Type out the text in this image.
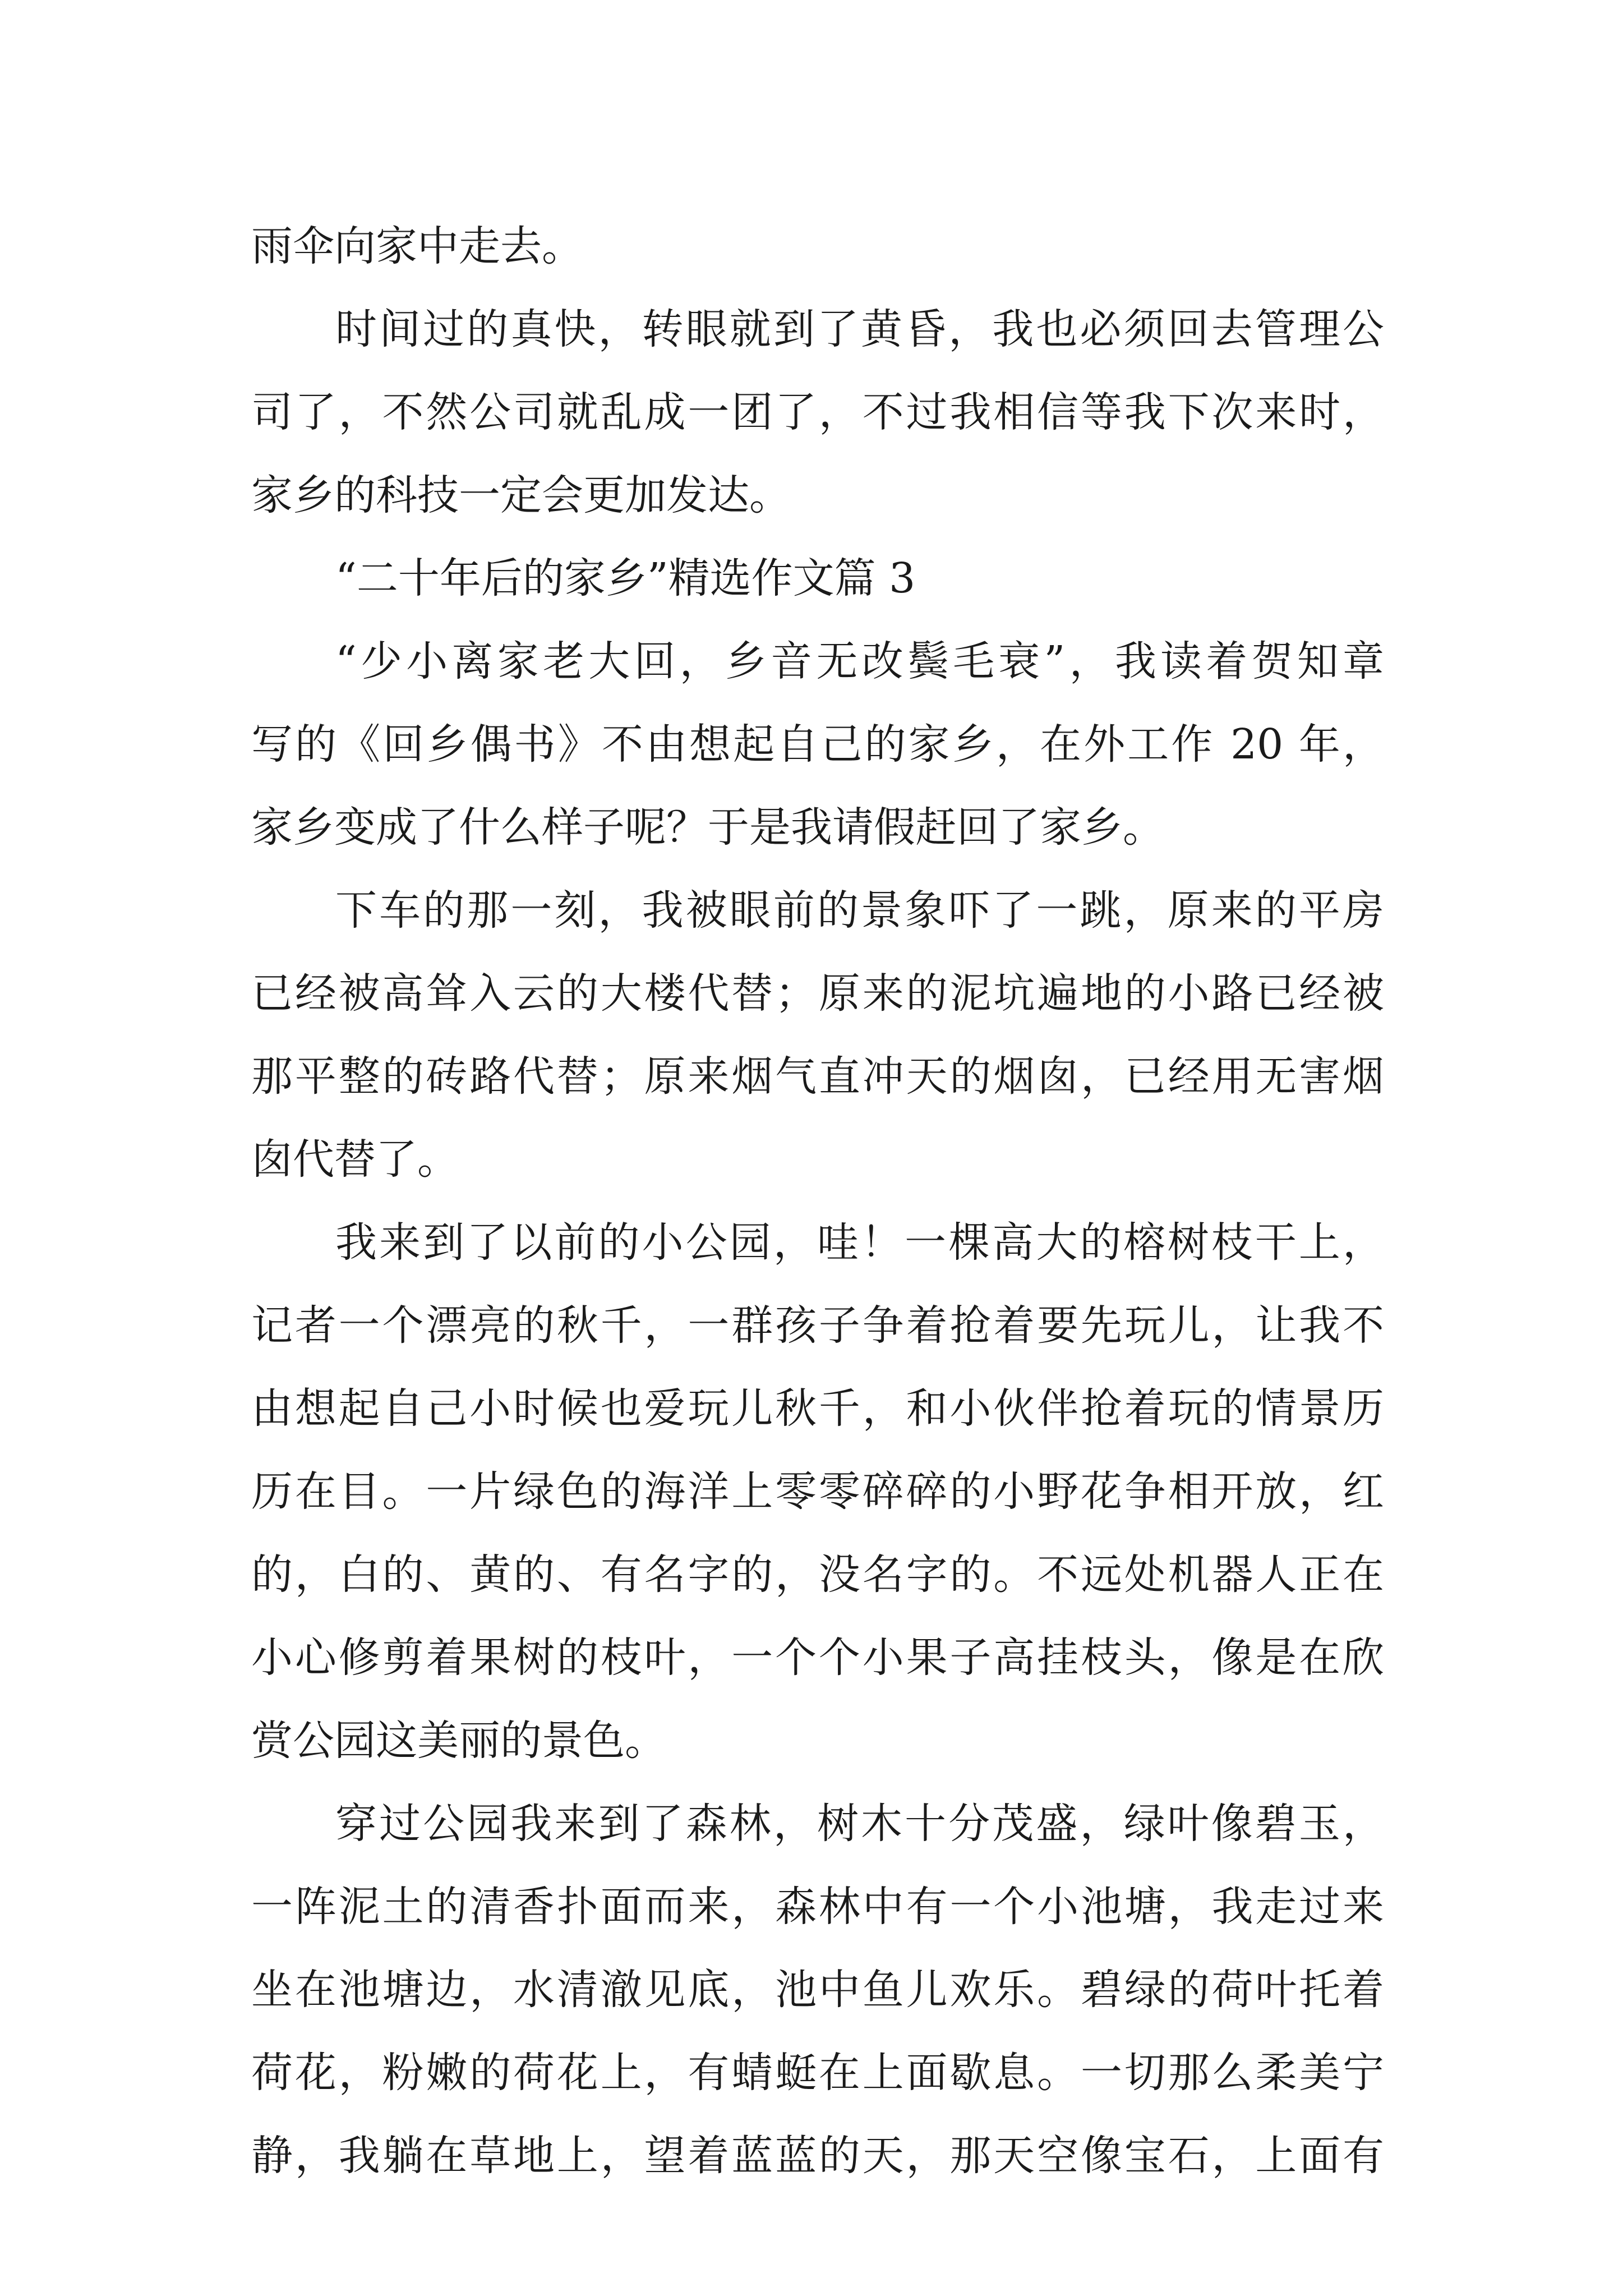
雨伞向家中走去。
时间过的真快，转眼就到了黄昏，我也必须回去管理公
司了，不然公司就乱成一团了，不过我相信等我下次来时，
家乡的科技一定会更加发达。
“二十年后的家乡”精选作文篇 3
“少小离家老大回，乡音无改鬓毛衰”，我读着贺知章
写的《回乡偶书》不由想起自己的家乡，在外工作 20 年，
家乡变成了什么样子呢？于是我请假赶回了家乡。
下车的那一刻，我被眼前的景象吓了一跳，原来的平房
已经被高耸入云的大楼代替；原来的泥坑遍地的小路已经被
那平整的砖路代替；原来烟气直冲天的烟囱，已经用无害烟
囱代替了。
我来到了以前的小公园，哇！一棵高大的榕树枝干上，
记者一个漂亮的秋千，一群孩子争着抢着要先玩儿，让我不
由想起自己小时候也爱玩儿秋千，和小伙伴抢着玩的情景历
历在目。一片绿色的海洋上零零碎碎的小野花争相开放，红
的，白的、黄的、有名字的，没名字的。不远处机器人正在
小心修剪着果树的枝叶，一个个小果子高挂枝头，像是在欣
赏公园这美丽的景色。
穿过公园我来到了森林，树木十分茂盛，绿叶像碧玉，
一阵泥土的清香扑面而来，森林中有一个小池塘，我走过来
坐在池塘边，水清澈见底，池中鱼儿欢乐。碧绿的荷叶托着
荷花，粉嫩的荷花上，有蜻蜓在上面歇息。一切那么柔美宁
静，我躺在草地上，望着蓝蓝的天，那天空像宝石，上面有
